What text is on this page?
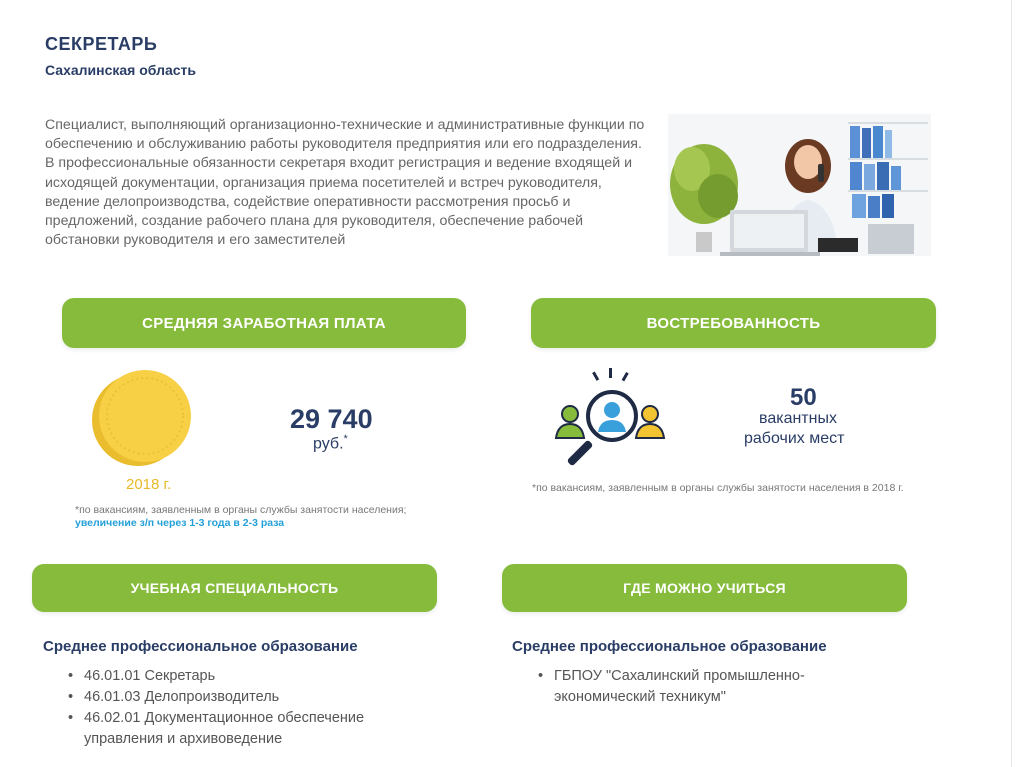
СЕКРЕТАРЬ
Сахалинская область

Специалист, выполняющий организационно-технические и административные функции по обеспечению и обслуживанию работы руководителя предприятия или его подразделения. В профессиональные обязанности секретаря входит регистрация и ведение входящей и исходящей документации, организация приема посетителей и встреч руководителя, ведение делопроизводства, содействие оперативности рассмотрения просьб и предложений, создание рабочего плана для руководителя, обеспечение рабочей обстановки руководителя и его заместителей

СРЕДНЯЯ ЗАРАБОТНАЯ ПЛАТА
2018 г.
29 740
руб.*
*по вакансиям, заявленным в органы службы занятости населения;
увеличение з/п через 1-3 года в 2-3 раза
ВОСТРЕБОВАННОСТЬ
50
вакантных
рабочих мест
*по вакансиям, заявленным в органы службы занятости населения в 2018 г.
УЧЕБНАЯ СПЕЦИАЛЬНОСТЬ
Среднее профессиональное образование
• 46.01.01 Секретарь
• 46.01.03 Делопроизводитель
• 46.02.01 Документационное обеспечение управления и архивоведение
ГДЕ МОЖНО УЧИТЬСЯ
Среднее профессиональное образование
• ГБПОУ "Сахалинский промышленно-экономический техникум"
